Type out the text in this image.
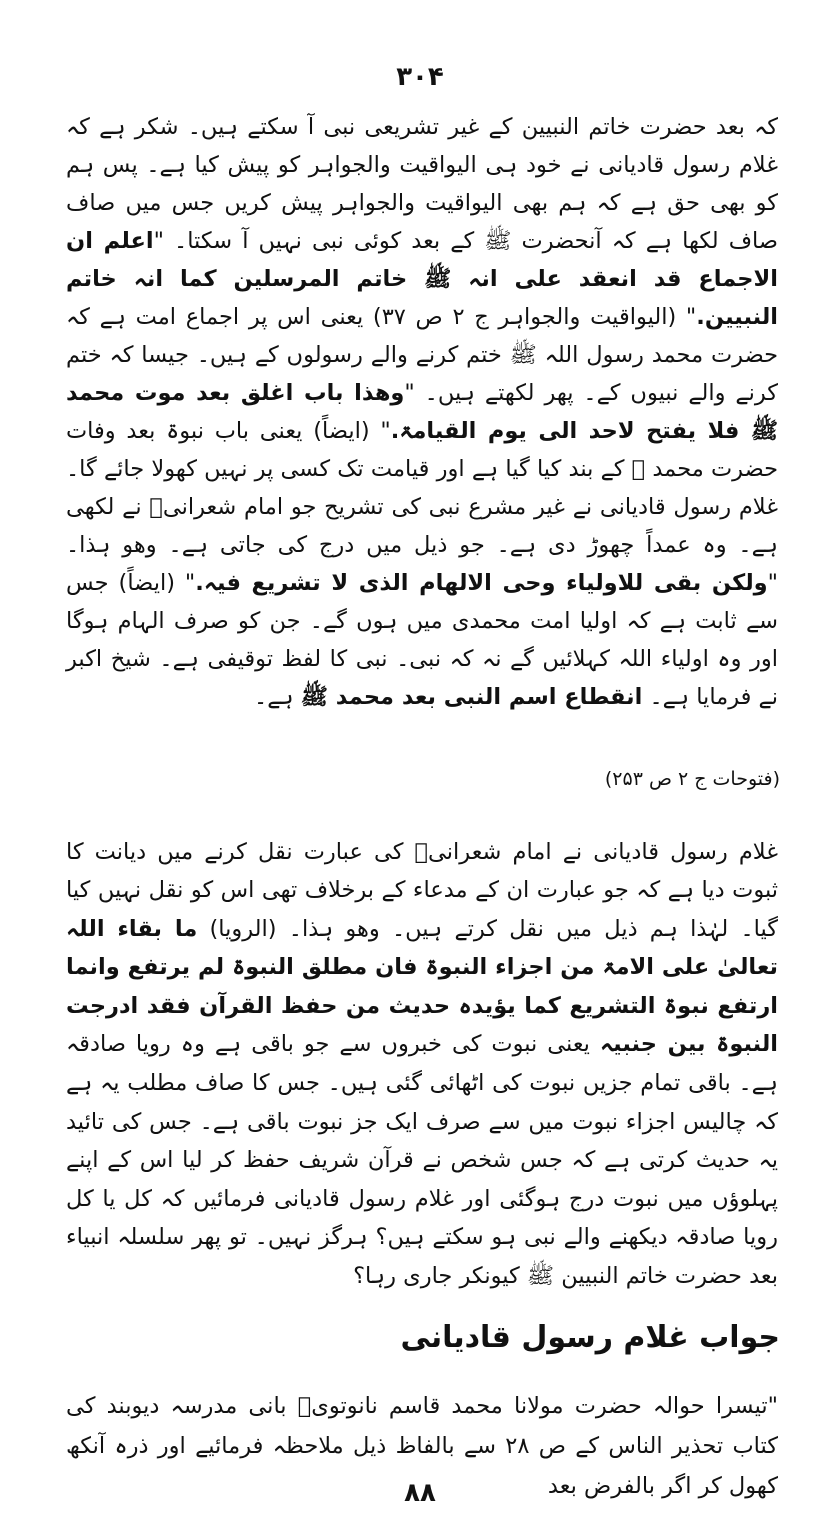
۳۰۴

کہ بعد حضرت خاتم النبیین کے غیر تشریعی نبی آ سکتے ہیں۔ شکر ہے کہ غلام رسول قادیانی نے خود ہی الیواقیت والجواہر کو پیش کیا ہے۔ پس ہم کو بھی حق ہے کہ ہم بھی الیواقیت والجواہر پیش کریں جس میں صاف صاف لکھا ہے کہ آنحضرت ﷺ کے بعد کوئی نبی نہیں آ سکتا۔ "اعلم ان الاجماع قد انعقد علی انہ ﷺ خاتم المرسلین کما انہ خاتم النبیین." (الیواقیت والجواہر ج ۲ ص ۳۷) یعنی اس پر اجماع امت ہے کہ حضرت محمد رسول اللہ ﷺ ختم کرنے والے رسولوں کے ہیں۔ جیسا کہ ختم کرنے والے نبیوں کے۔ پھر لکھتے ہیں۔ "وھذا باب اغلق بعد موت محمد ﷺ فلا یفتح لاحد الی یوم القیامۃ." (ایضاً) یعنی باب نبوۃ بعد وفات حضرت محمد ﷺ کے بند کیا گیا ہے اور قیامت تک کسی پر نہیں کھولا جائے گا۔ غلام رسول قادیانی نے غیر مشرع نبی کی تشریح جو امام شعرانیؒ نے لکھی ہے۔ وہ عمداً چھوڑ دی ہے۔ جو ذیل میں درج کی جاتی ہے۔ وھو ہذا۔ "ولکن بقی للاولیاء وحی الالھام الذی لا تشریع فیہ." (ایضاً) جس سے ثابت ہے کہ اولیا امت محمدی میں ہوں گے۔ جن کو صرف الہام ہوگا اور وہ اولیاء اللہ کہلائیں گے نہ کہ نبی۔ نبی کا لفظ توقیفی ہے۔ شیخ اکبر نے فرمایا ہے۔ انقطاع اسم النبی بعد محمد ﷺ ہے۔

(فتوحات ج ۲ ص ۲۵۳)

غلام رسول قادیانی نے امام شعرانیؒ کی عبارت نقل کرنے میں دیانت کا ثبوت دیا ہے کہ جو عبارت ان کے مدعاء کے برخلاف تھی اس کو نقل نہیں کیا گیا۔ لہٰذا ہم ذیل میں نقل کرتے ہیں۔ وھو ہذا۔ (الرویا) ما بقاء اللہ تعالیٰ علی الامۃ من اجزاء النبوۃ فان مطلق النبوۃ لم یرتفع وانما ارتفع نبوۃ التشریع کما یؤیدہ حدیث من حفظ القرآن فقد ادرجت النبوۃ بین جنبیہ یعنی نبوت کی خبروں سے جو باقی ہے وہ رویا صادقہ ہے۔ باقی تمام جزیں نبوت کی اٹھائی گئی ہیں۔ جس کا صاف مطلب یہ ہے کہ چالیس اجزاء نبوت میں سے صرف ایک جز نبوت باقی ہے۔ جس کی تائید یہ حدیث کرتی ہے کہ جس شخص نے قرآن شریف حفظ کر لیا اس کے اپنے پہلوؤں میں نبوت درج ہوگئی اور غلام رسول قادیانی فرمائیں کہ کل یا کل رویا صادقہ دیکھنے والے نبی ہو سکتے ہیں؟ ہرگز نہیں۔ تو پھر سلسلہ انبیاء بعد حضرت خاتم النبیین ﷺ کیونکر جاری رہا؟

جواب غلام رسول قادیانی
"تیسرا حوالہ حضرت مولانا محمد قاسم نانوتویؒ بانی مدرسہ دیوبند کی کتاب تحذیر الناس کے ص ۲۸ سے بالفاظ ذیل ملاحظہ فرمائیے اور ذرہ آنکھ کھول کر اگر بالفرض بعد
۸۸
